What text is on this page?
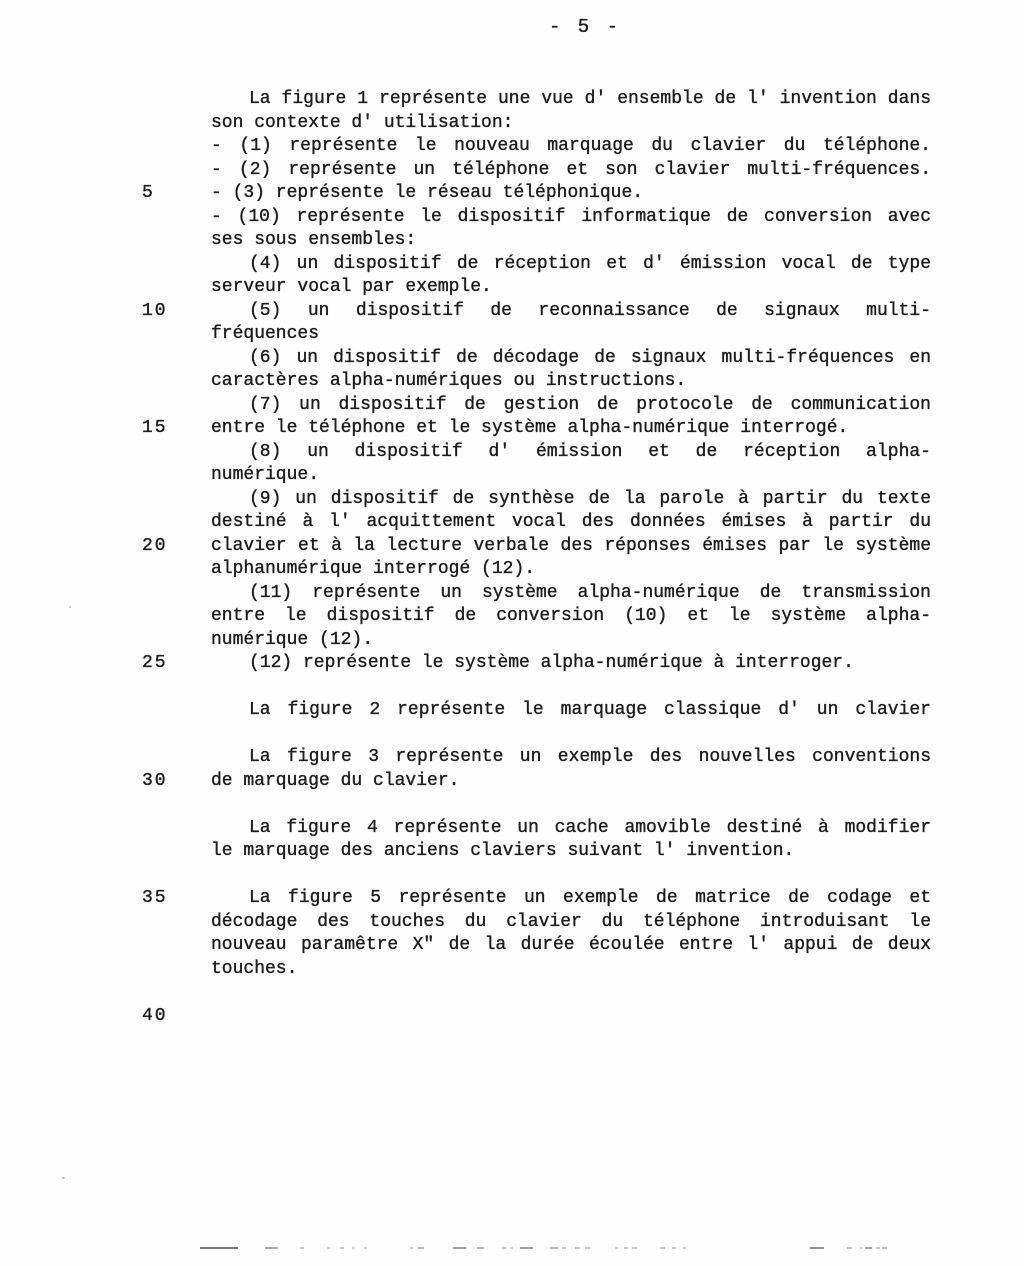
- 5 -
5
10
15
20
25
30
35
40
La figure 1 représente une vue d' ensemble de l' invention dans
son contexte d' utilisation:
- (1) représente le nouveau marquage du clavier du téléphone.
- (2) représente un téléphone et son clavier multi-fréquences.
- (3) représente le réseau téléphonique.
- (10) représente le dispositif informatique de conversion avec
ses sous ensembles:
(4) un dispositif de réception et d' émission vocal de type
serveur vocal par exemple.
(5) un dispositif de reconnaissance de signaux multi-
fréquences
(6) un dispositif de décodage de signaux multi-fréquences en
caractères alpha-numériques ou instructions.
(7) un dispositif de gestion de protocole de communication
entre le téléphone et le système alpha-numérique interrogé.
(8) un dispositif d' émission et de réception alpha-
numérique.
(9) un dispositif de synthèse de la parole à partir du texte
destiné à l' acquittement vocal des données émises à partir du
clavier et à la lecture verbale des réponses émises par le système
alphanumérique interrogé (12).
(11) représente un système alpha-numérique de transmission
entre le dispositif de conversion (10) et le système alpha-
numérique (12).
(12) représente le système alpha-numérique à interroger.
La figure 2 représente le marquage classique d' un clavier
La figure 3 représente un exemple des nouvelles conventions
de marquage du clavier.
La figure 4 représente un cache amovible destiné à modifier
le marquage des anciens claviers suivant l' invention.
La figure 5 représente un exemple de matrice de codage et
décodage des touches du clavier du téléphone introduisant le
nouveau paramêtre X" de la durée écoulée entre l' appui de deux
touches.
